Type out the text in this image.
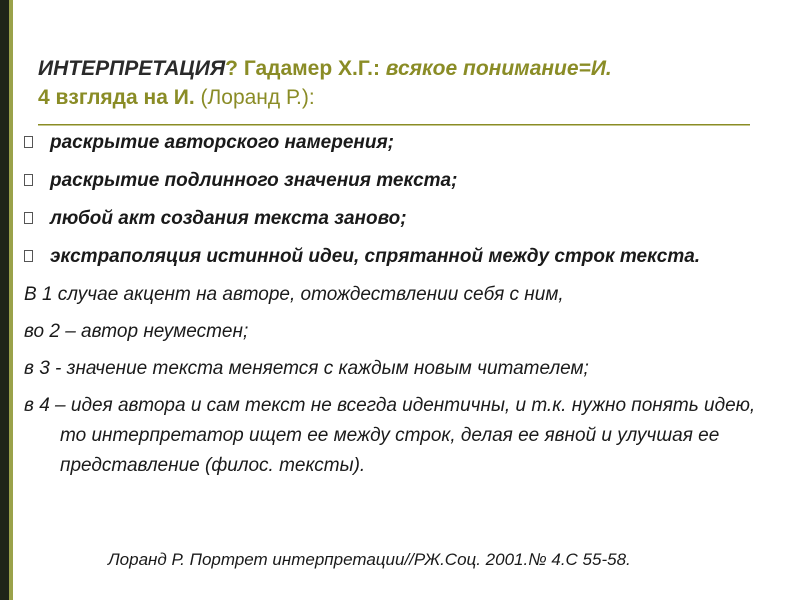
ИНТЕРПРЕТАЦИЯ? Гадамер Х.Г.: всякое понимание=И.
4 взгляда на И. (Лоранд Р.):
раскрытие авторского намерения;
раскрытие подлинного значения текста;
любой акт создания текста заново;
экстраполяция истинной идеи, спрятанной между строк текста.
В 1 случае акцент на авторе, отождествлении себя с ним,
во 2 – автор неуместен;
в 3 - значение текста меняется с каждым новым читателем;
в 4 – идея автора и сам текст не всегда идентичны, и т.к. нужно понять идею, то интерпретатор ищет ее между строк, делая ее явной и улучшая ее представление (филос. тексты).
Лоранд Р. Портрет интерпретации//РЖ.Соц. 2001.№ 4.С 55-58.
